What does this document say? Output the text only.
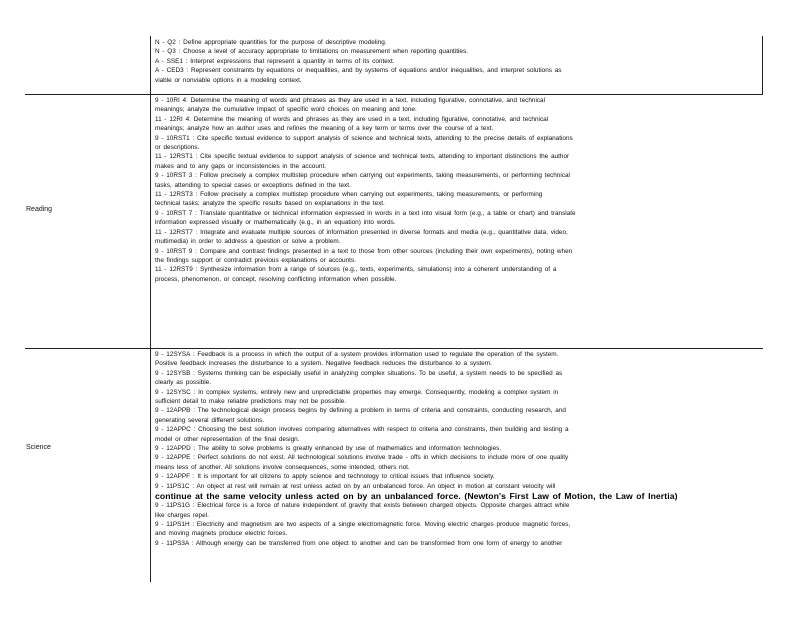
N - Q2 : Define appropriate quantities for the purpose of descriptive modeling.
N - Q3 : Choose a level of accuracy appropriate to limitations on measurement when reporting quantities.
A - SSE1 : Interpret expressions that represent a quantity in terms of its context.
A - CED3 : Represent constraints by equations or inequalities, and by systems of equations and/or inequalities, and interpret solutions as
viable or nonviable options in a modeling context.
Reading
9 - 10RI 4: Determine the meaning of words and phrases as they are used in a text, including figurative, connotative, and technical
meanings; analyze the cumulative impact of specific word choices on meaning and tone.
11 - 12RI 4: Determine the meaning of words and phrases as they are used in a text, including figurative, connotative, and technical
meanings; analyze how an author uses and refines the meaning of a key term or terms over the course of a text.
9 - 10RST1 : Cite specific textual evidence to support analysis of science and technical texts, attending to the precise details of explanations
or descriptions.
11 - 12RST1 : Cite specific textual evidence to support analysis of science and technical texts, attending to important distinctions the author
makes and to any gaps or inconsistencies in the account.
9 - 10RST 3 : Follow precisely a complex multistep procedure when carrying out experiments, taking measurements, or performing technical
tasks, attending to special cases or exceptions defined in the text.
11 - 12RST3 : Follow precisely a complex multistep procedure when carrying out experiments, taking measurements, or performing
technical tasks; analyze the specific results based on explanations in the text.
9 - 10RST 7 : Translate quantitative or technical information expressed in words in a text into visual form (e.g., a table or chart) and translate
information expressed visually or mathematically (e.g., in an equation) into words.
11 - 12RST7 : Integrate and evaluate multiple sources of information presented in diverse formats and media (e.g., quantitative data, video,
multimedia) in order to address a question or solve a problem.
9 - 10RST 9 : Compare and contrast findings presented in a text to those from other sources (including their own experiments), noting when
the findings support or contradict previous explanations or accounts.
11 - 12RST9 : Synthesize information from a range of sources (e.g., texts, experiments, simulations) into a coherent understanding of a
process, phenomenon, or concept, resolving conflicting information when possible.
Science
9 - 12SYSA : Feedback is a process in which the output of a system provides information used to regulate the operation of the system.
Positive feedback increases the disturbance to a system. Negative feedback reduces the disturbance to a system.
9 - 12SYSB : Systems thinking can be especially useful in analyzing complex situations. To be useful, a system needs to be specified as
clearly as possible.
9 - 12SYSC : In complex systems, entirely new and unpredictable properties may emerge. Consequently, modeling a complex system in
sufficient detail to make reliable predictions may not be possible.
9 - 12APPB : The technological design process begins by defining a problem in terms of criteria and constraints, conducting research, and
generating several different solutions.
9 - 12APPC : Choosing the best solution involves comparing alternatives with respect to criteria and constraints, then building and testing a
model or other representation of the final design.
9 - 12APPD : The ability to solve problems is greatly enhanced by use of mathematics and information technologies.
9 - 12APPE : Perfect solutions do not exist. All technological solutions involve trade - offs in which decisions to include more of one quality
means less of another. All solutions involve consequences, some intended, others not.
9 - 12APPF : It is important for all citizens to apply science and technology to critical issues that influence society.
9 - 11PS1C : An object at rest will remain at rest unless acted on by an unbalanced force. An object in motion at constant velocity will
continue at the same velocity unless acted on by an unbalanced force. (Newton's First Law of Motion, the Law of Inertia)
9 - 11PS1G : Electrical force is a force of nature independent of gravity that exists between charged objects. Opposite charges attract while
like charges repel.
9 - 11PS1H : Electricity and magnetism are two aspects of a single electromagnetic force. Moving electric charges produce magnetic forces,
and moving magnets produce electric forces.
9 - 11PS3A : Although energy can be transferred from one object to another and can be transformed from one form of energy to another
